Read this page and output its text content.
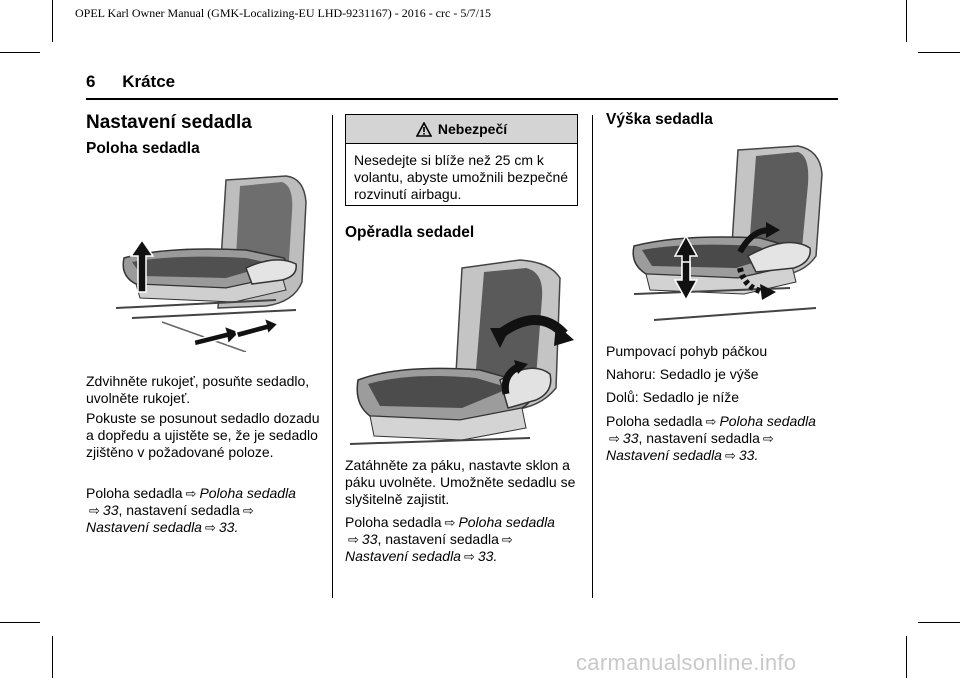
OPEL Karl Owner Manual (GMK-Localizing-EU LHD-9231167) - 2016 - crc - 5/7/15
6 Krátce
Nastavení sedadla
Poloha sedadla

Zdvihněte rukojeť, posuňte sedadlo, uvolněte rukojeť.

Pokuste se posunout sedadlo dozadu a dopředu a ujistěte se, že je sedadlo zjištěno v požadované poloze.

Poloha sedadla ⇨ Poloha sedadla
⇨ 33, nastavení sedadla ⇨
Nastavení sedadla ⇨ 33.

Nebezpečí
Nesedejte si blíže než 25 cm k volantu, abyste umožnili bezpečné rozvinutí airbagu.
Opěradla sedadel

Zatáhněte za páku, nastavte sklon a páku uvolněte. Umožněte sedadlu se slyšitelně zajistit.

Poloha sedadla ⇨ Poloha sedadla
⇨ 33, nastavení sedadla ⇨
Nastavení sedadla ⇨ 33.

Výška sedadla

Pumpovací pohyb páčkou

Nahoru: Sedadlo je výše

Dolů: Sedadlo je níže

Poloha sedadla ⇨ Poloha sedadla
⇨ 33, nastavení sedadla ⇨
Nastavení sedadla ⇨ 33.

carmanualsonline.info
